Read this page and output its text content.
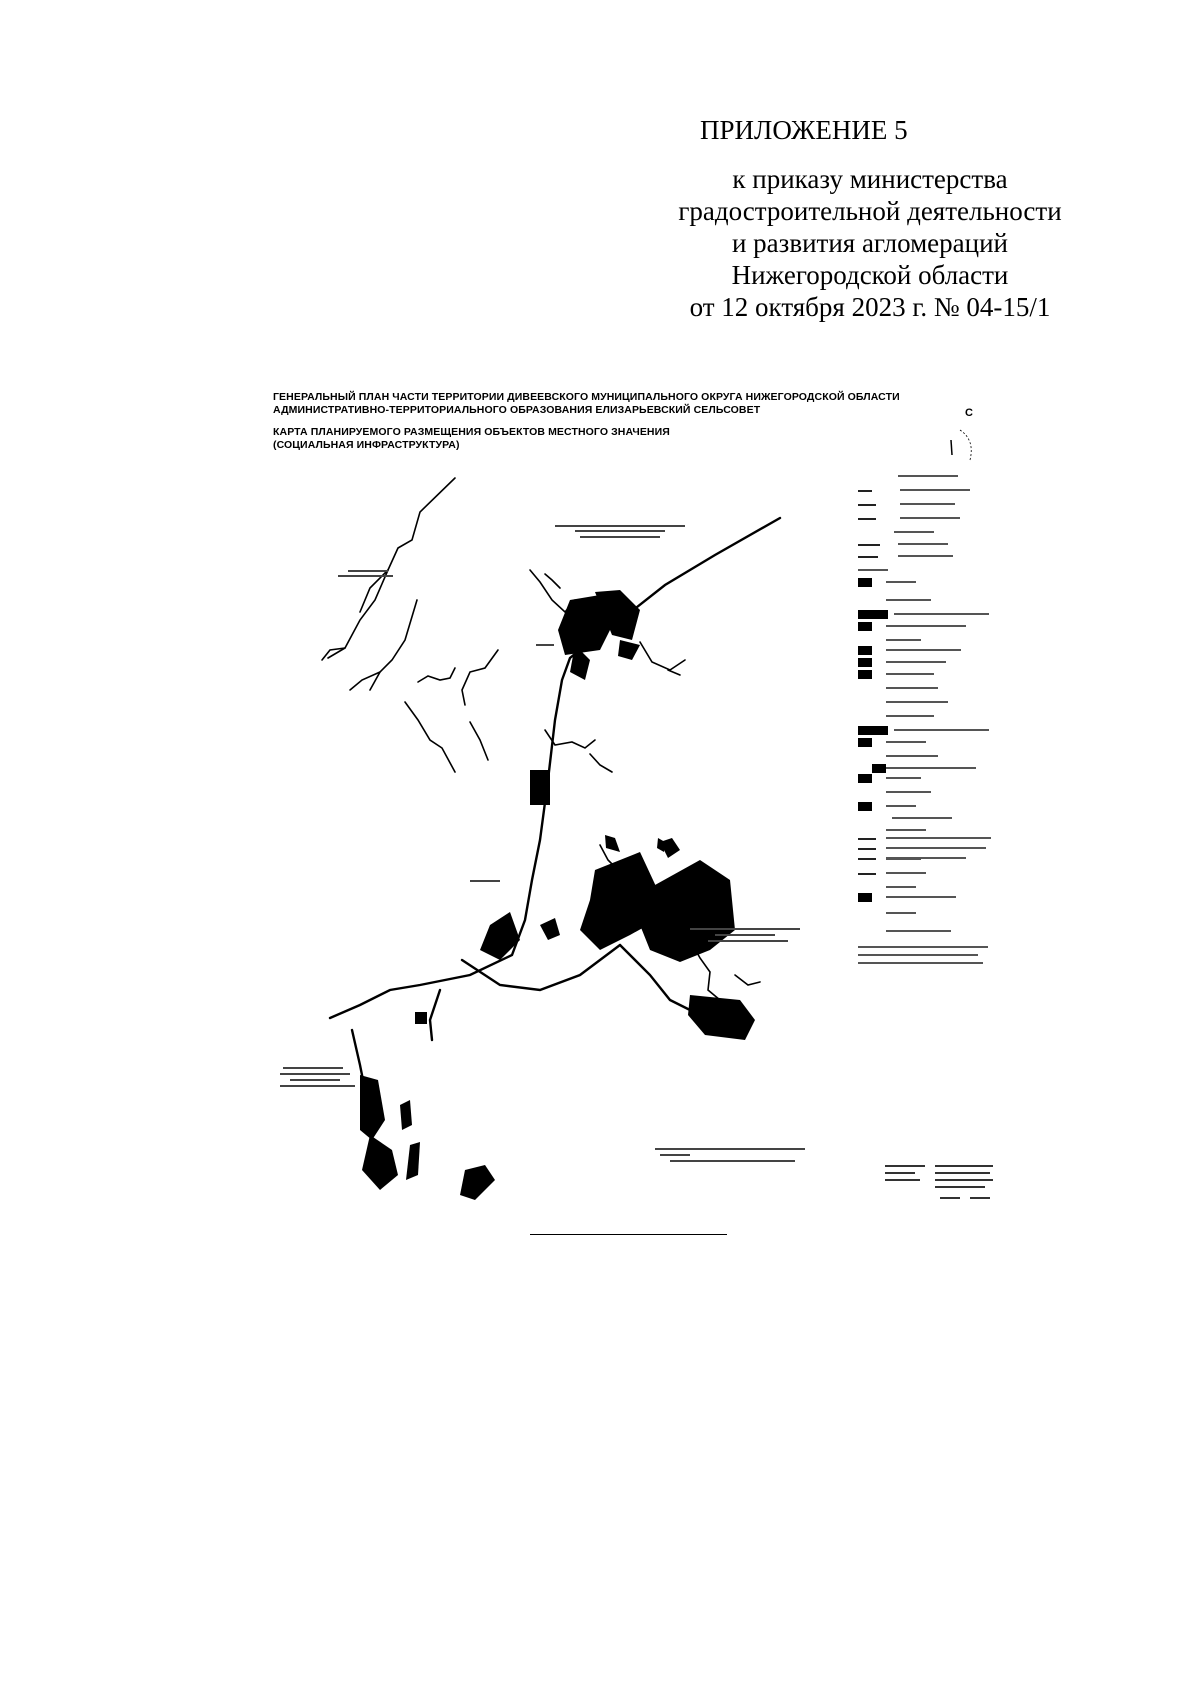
ПРИЛОЖЕНИЕ 5
к приказу министерства
градостроительной деятельности
и развития агломераций
Нижегородской области
от 12 октября 2023 г. № 04-15/1
ГЕНЕРАЛЬНЫЙ ПЛАН ЧАСТИ ТЕРРИТОРИИ ДИВЕЕВСКОГО МУНИЦИПАЛЬНОГО ОКРУГА НИЖЕГОРОДСКОЙ ОБЛАСТИ
АДМИНИСТРАТИВНО-ТЕРРИТОРИАЛЬНОГО ОБРАЗОВАНИЯ ЕЛИЗАРЬЕВСКИЙ СЕЛЬСОВЕТ
КАРТА ПЛАНИРУЕМОГО РАЗМЕЩЕНИЯ ОБЪЕКТОВ МЕСТНОГО ЗНАЧЕНИЯ
(СОЦИАЛЬНАЯ ИНФРАСТРУКТУРА)
С
